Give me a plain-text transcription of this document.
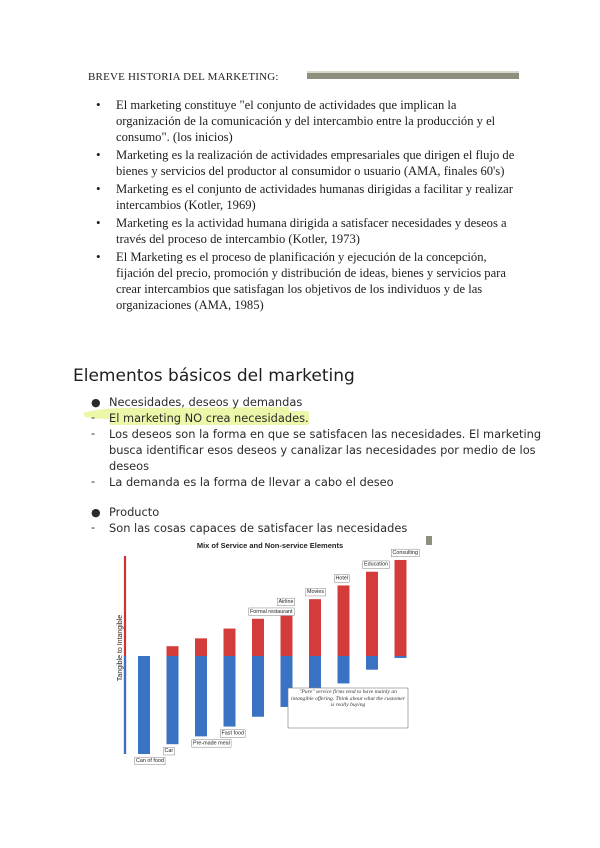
BREVE HISTORIA DEL MARKETING:
• El marketing constituye "el conjunto de actividades que implican la organización de la comunicación y del intercambio entre la producción y el consumo". (los inicios)
• Marketing es la realización de actividades empresariales que dirigen el flujo de bienes y servicios del productor al consumidor o usuario (AMA, finales 60's)
• Marketing es el conjunto de actividades humanas dirigidas a facilitar y realizar intercambios (Kotler, 1969)
• Marketing es la actividad humana dirigida a satisfacer necesidades y deseos a través del proceso de intercambio (Kotler, 1973)
• El Marketing es el proceso de planificación y ejecución de la concepción, fijación del precio, promoción y distribución de ideas, bienes y servicios para crear intercambios que satisfagan los objetivos de los individuos y de las organizaciones (AMA, 1985)
Elementos básicos del marketing
● Necesidades, deseos y demandas
- El marketing NO crea necesidades.
- Los deseos son la forma en que se satisfacen las necesidades. El marketing
busca identificar esos deseos y canalizar las necesidades por medio de los
deseos
- La demanda es la forma de llevar a cabo el deseo
● Producto
- Son las cosas capaces de satisfacer las necesidades
Mix of Service and Non-service Elements
Tangible to Intangible
Can of food
Car
Pre-made meal
Fast food
Formal restaurant
Airline
Movies
Hotel
Education
Consulting
"Pure" service firms tend to have mainly an intangible offering. Think about what the customer is really buying
